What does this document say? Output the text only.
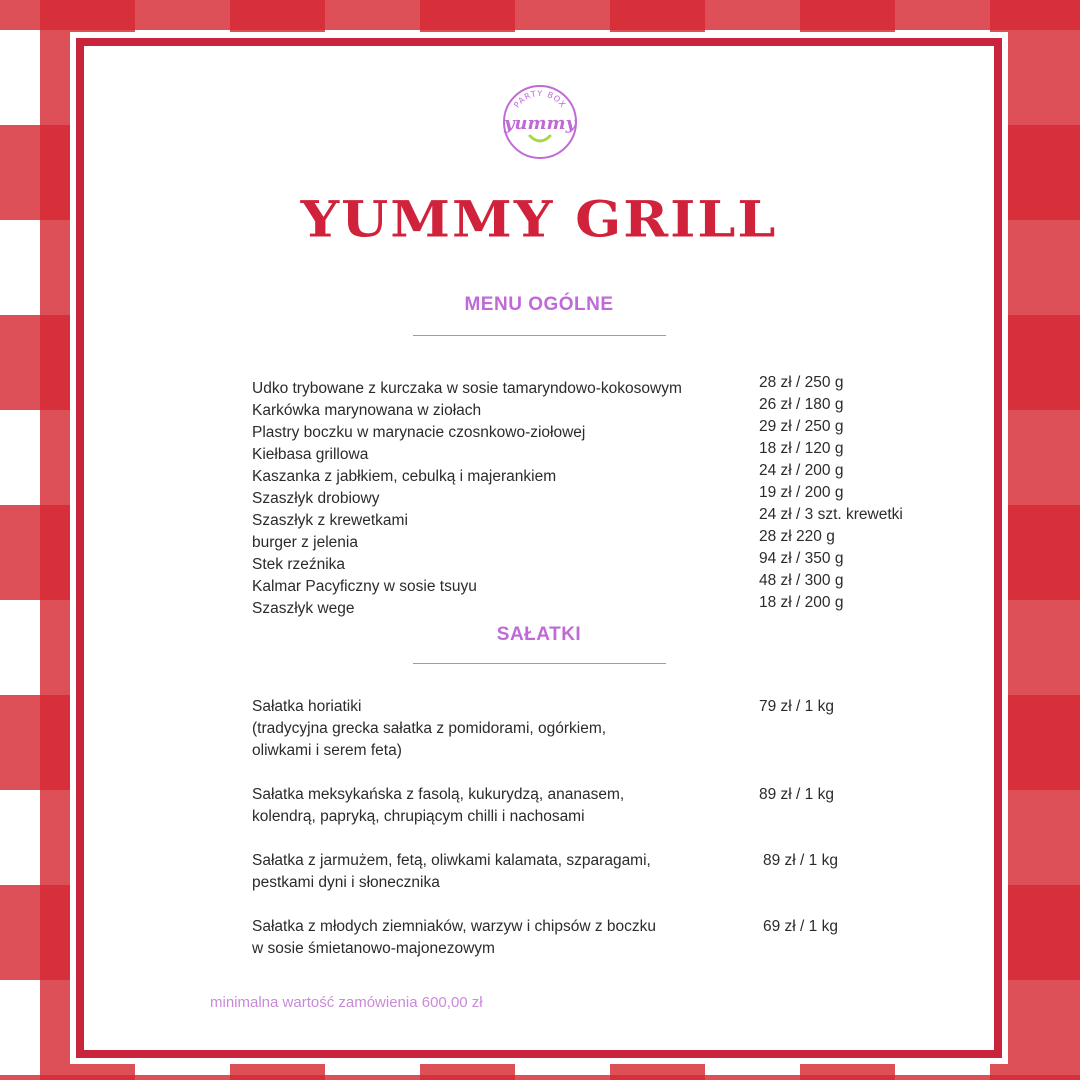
PARTY BOX
yummy
YUMMY GRILL
MENU OGÓLNE
Udko trybowane z kurczaka w sosie tamaryndowo-kokosowym
Karkówka marynowana w ziołach
Plastry boczku w marynacie czosnkowo-ziołowej
Kiełbasa grillowa
Kaszanka z jabłkiem, cebulką i majerankiem
Szaszłyk drobiowy
Szaszłyk z krewetkami
burger z jelenia
Stek rzeźnika
Kalmar Pacyficzny w sosie tsuyu
Szaszłyk wege
28 zł / 250 g
26 zł / 180 g
29 zł / 250 g
18 zł / 120 g
24 zł / 200 g
19 zł / 200 g
24 zł / 3 szt. krewetki
28 zł 220 g
94 zł / 350 g
48 zł / 300 g
18 zł / 200 g
SAŁATKI
Sałatka horiatiki
(tradycyjna grecka sałatka z pomidorami, ogórkiem,
oliwkami i serem feta)
79 zł / 1 kg
Sałatka meksykańska z fasolą, kukurydzą, ananasem,
kolendrą, papryką, chrupiącym chilli i nachosami
89 zł / 1 kg
Sałatka z jarmużem, fetą, oliwkami kalamata, szparagami,
pestkami dyni i słonecznika
89 zł / 1 kg
Sałatka z młodych ziemniaków, warzyw i chipsów z boczku
w sosie śmietanowo-majonezowym
69 zł / 1 kg
minimalna wartość zamówienia 600,00 zł
